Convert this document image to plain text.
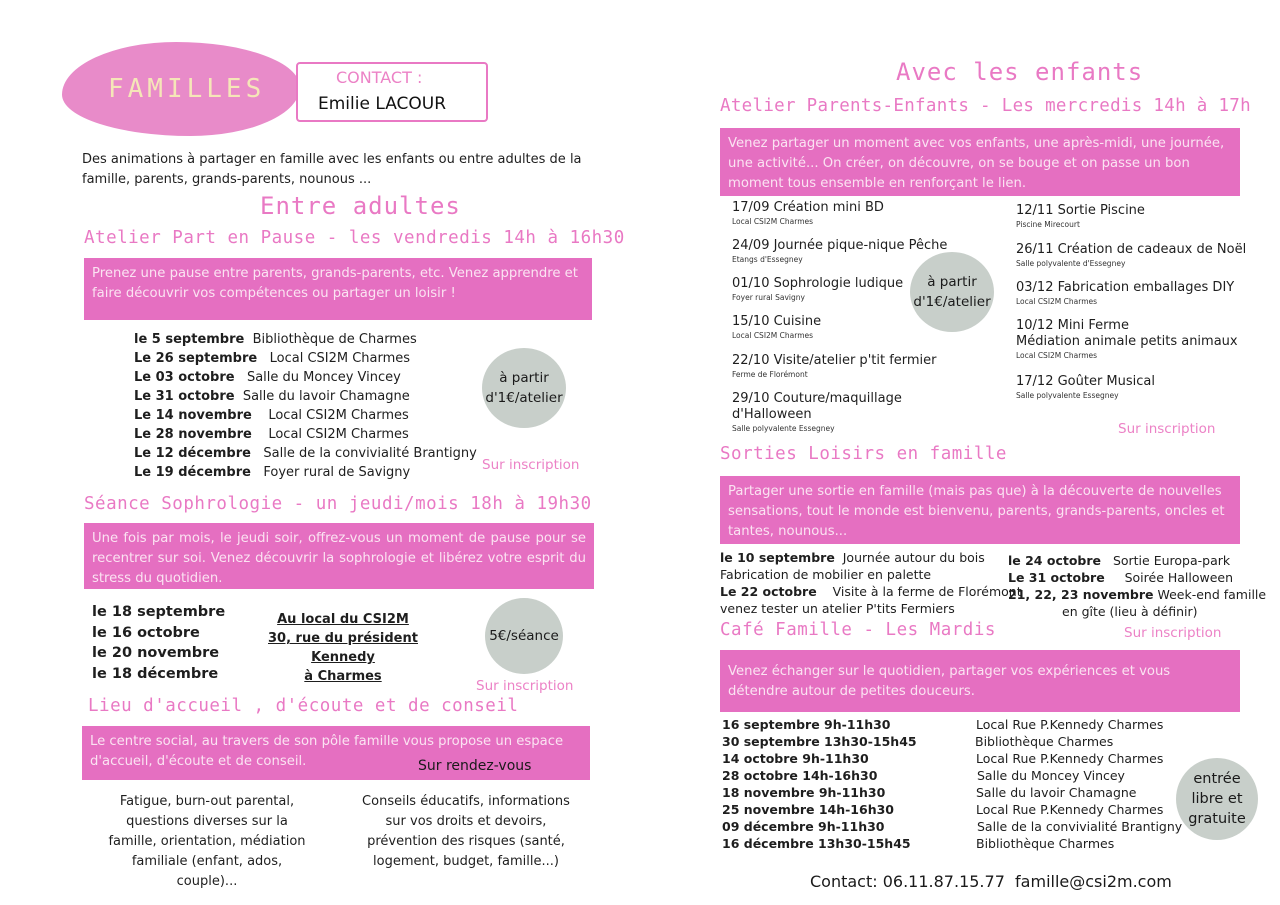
FAMILLES	CONTACT :
Emilie LACOUR
Des animations à partager en famille avec les enfants ou entre adultes de la famille, parents, grands-parents, nounous ...
Entre adultes
Atelier Part en Pause - les vendredis 14h à 16h30
Prenez une pause entre parents, grands-parents, etc. Venez apprendre et faire découvrir vos compétences ou partager un loisir !
le 5 septembre Bibliothèque de Charmes
Le 26 septembre Local CSI2M Charmes
Le 03 octobre Salle du Moncey Vincey
Le 31 octobre Salle du lavoir Chamagne
Le 14 novembre Local CSI2M Charmes
Le 28 novembre Local CSI2M Charmes
Le 12 décembre Salle de la convivialité Brantigny
Le 19 décembre Foyer rural de Savigny
à partir d'1€/atelier
Sur inscription
Séance Sophrologie - un jeudi/mois 18h à 19h30
Une fois par mois, le jeudi soir, offrez-vous un moment de pause pour se recentrer sur soi. Venez découvrir la sophrologie et libérez votre esprit du stress du quotidien.
le 18 septembre
le 16 octobre
le 20 novembre
le 18 décembre
Au local du CSI2M
30, rue du président Kennedy
à Charmes
5€/séance
Sur inscription
Lieu d'accueil , d'écoute et de conseil
Le centre social, au travers de son pôle famille vous propose un espace d'accueil, d'écoute et de conseil.	Sur rendez-vous
Fatigue, burn-out parental, questions diverses sur la famille, orientation, médiation familiale (enfant, ados, couple)...
Conseils éducatifs, informations sur vos droits et devoirs, prévention des risques (santé, logement, budget, famille...)
Avec les enfants
Atelier Parents-Enfants - Les mercredis 14h à 17h
Venez partager un moment avec vos enfants, une après-midi, une journée, une activité... On créer, on découvre, on se bouge et on passe un bon moment tous ensemble en renforçant le lien.
17/09 Création mini BD
Local CSI2M Charmes
24/09 Journée pique-nique Pêche
Etangs d'Essegney
01/10 Sophrologie ludique
Foyer rural Savigny
15/10 Cuisine
Local CSI2M Charmes
22/10 Visite/atelier p'tit fermier
Ferme de Florémont
29/10 Couture/maquillage
d'Halloween
Salle polyvalente Essegney
à partir d'1€/atelier
12/11 Sortie Piscine
Piscine Mirecourt
26/11 Création de cadeaux de Noël
Salle polyvalente d'Essegney
03/12 Fabrication emballages DIY
Local CSI2M Charmes
10/12 Mini Ferme
Médiation animale petits animaux
Local CSI2M Charmes
17/12 Goûter Musical
Salle polyvalente Essegney
Sur inscription
Sorties Loisirs en famille
Partager une sortie en famille (mais pas que) à la découverte de nouvelles sensations, tout le monde est bienvenu, parents, grands-parents, oncles et tantes, nounous...
le 10 septembre Journée autour du bois
Fabrication de mobilier en palette
Le 22 octobre Visite à la ferme de Florémont
venez tester un atelier P'tits Fermiers
le 24 octobre Sortie Europa-park
Le 31 octobre Soirée Halloween
21, 22, 23 novembre Week-end famille
en gîte (lieu à définir)
Café Famille - Les Mardis	Sur inscription
Venez échanger sur le quotidien, partager vos expériences et vous détendre autour de petites douceurs.
16 septembre 9h-11h30	Local Rue P.Kennedy Charmes
30 septembre 13h30-15h45	Bibliothèque Charmes
14 octobre 9h-11h30	Local Rue P.Kennedy Charmes
28 octobre 14h-16h30	Salle du Moncey Vincey
18 novembre 9h-11h30	Salle du lavoir Chamagne
25 novembre 14h-16h30	Local Rue P.Kennedy Charmes
09 décembre 9h-11h30	Salle de la convivialité Brantigny
16 décembre 13h30-15h45	Bibliothèque Charmes
entrée libre et gratuite
Contact: 06.11.87.15.77  famille@csi2m.com
